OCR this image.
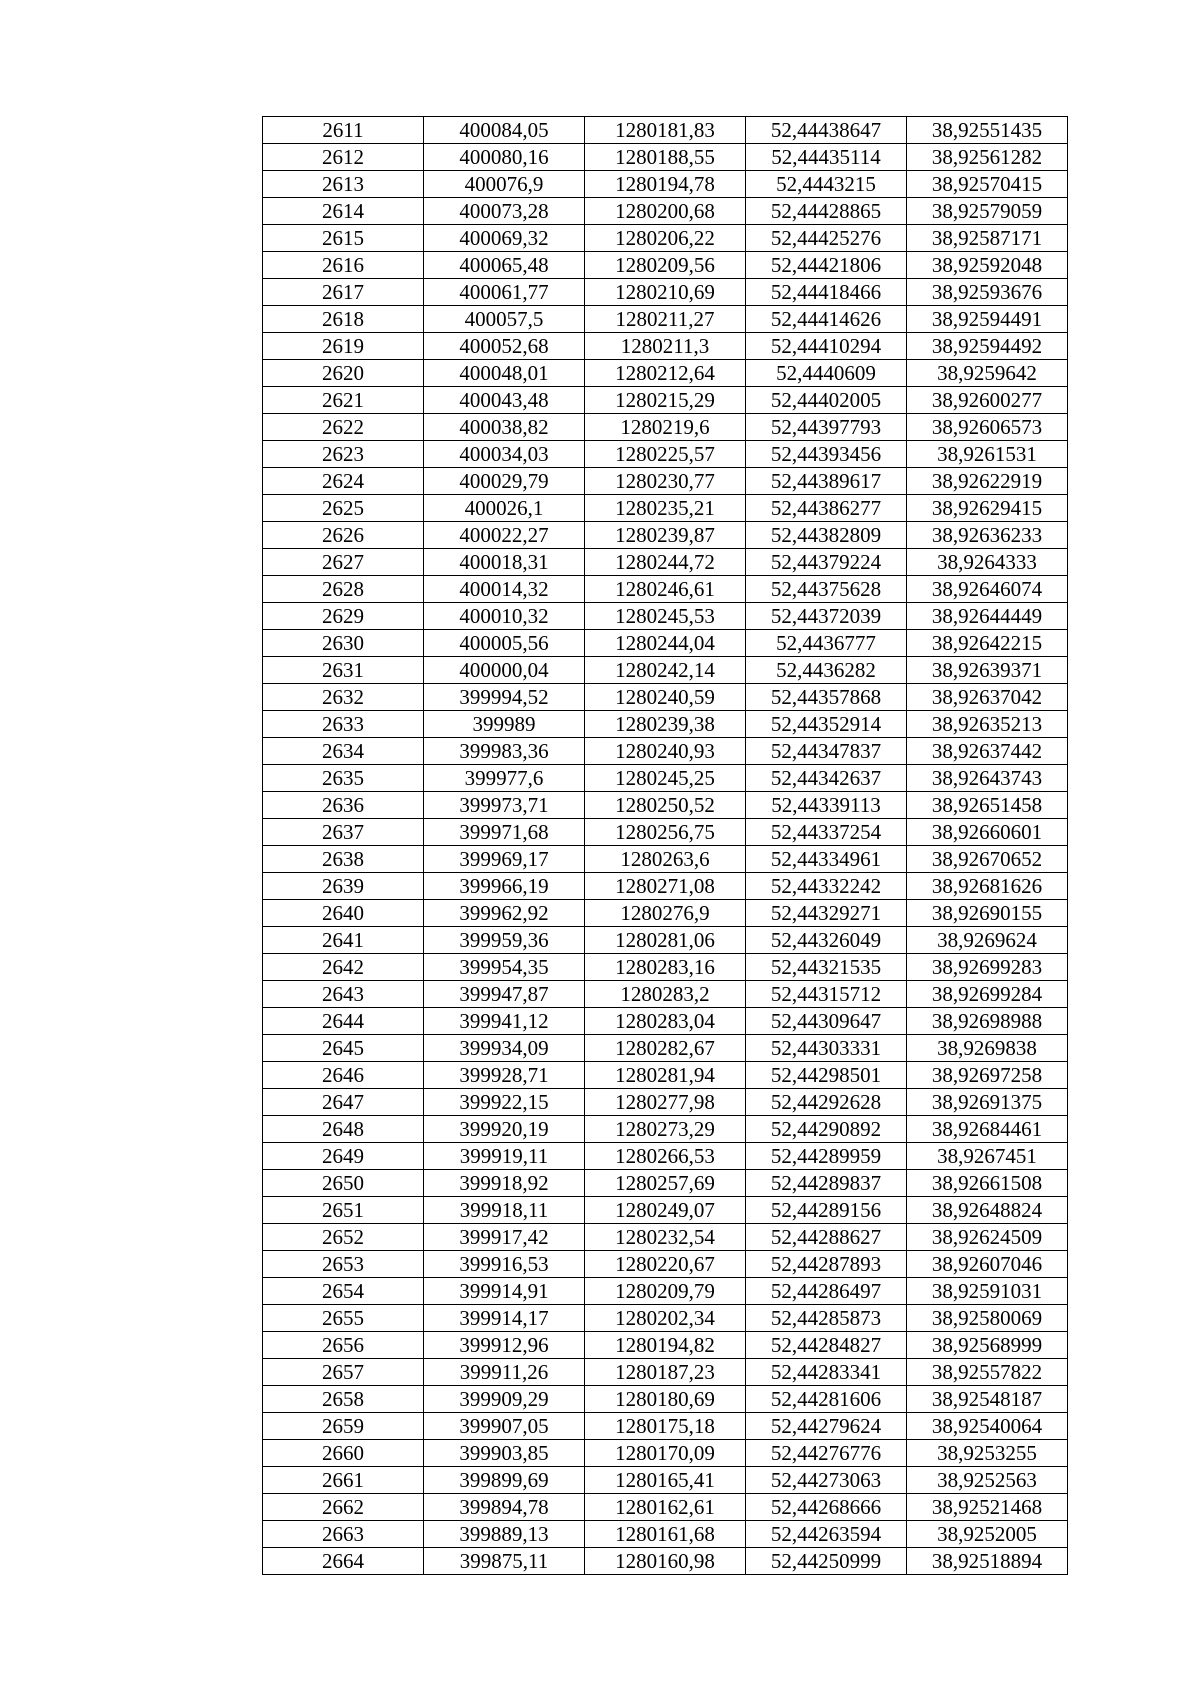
2611	400084,05	1280181,83	52,44438647	38,92551435
2612	400080,16	1280188,55	52,44435114	38,92561282
2613	400076,9	1280194,78	52,4443215	38,92570415
2614	400073,28	1280200,68	52,44428865	38,92579059
2615	400069,32	1280206,22	52,44425276	38,92587171
2616	400065,48	1280209,56	52,44421806	38,92592048
2617	400061,77	1280210,69	52,44418466	38,92593676
2618	400057,5	1280211,27	52,44414626	38,92594491
2619	400052,68	1280211,3	52,44410294	38,92594492
2620	400048,01	1280212,64	52,4440609	38,9259642
2621	400043,48	1280215,29	52,44402005	38,92600277
2622	400038,82	1280219,6	52,44397793	38,92606573
2623	400034,03	1280225,57	52,44393456	38,9261531
2624	400029,79	1280230,77	52,44389617	38,92622919
2625	400026,1	1280235,21	52,44386277	38,92629415
2626	400022,27	1280239,87	52,44382809	38,92636233
2627	400018,31	1280244,72	52,44379224	38,9264333
2628	400014,32	1280246,61	52,44375628	38,92646074
2629	400010,32	1280245,53	52,44372039	38,92644449
2630	400005,56	1280244,04	52,4436777	38,92642215
2631	400000,04	1280242,14	52,4436282	38,92639371
2632	399994,52	1280240,59	52,44357868	38,92637042
2633	399989	1280239,38	52,44352914	38,92635213
2634	399983,36	1280240,93	52,44347837	38,92637442
2635	399977,6	1280245,25	52,44342637	38,92643743
2636	399973,71	1280250,52	52,44339113	38,92651458
2637	399971,68	1280256,75	52,44337254	38,92660601
2638	399969,17	1280263,6	52,44334961	38,92670652
2639	399966,19	1280271,08	52,44332242	38,92681626
2640	399962,92	1280276,9	52,44329271	38,92690155
2641	399959,36	1280281,06	52,44326049	38,9269624
2642	399954,35	1280283,16	52,44321535	38,92699283
2643	399947,87	1280283,2	52,44315712	38,92699284
2644	399941,12	1280283,04	52,44309647	38,92698988
2645	399934,09	1280282,67	52,44303331	38,9269838
2646	399928,71	1280281,94	52,44298501	38,92697258
2647	399922,15	1280277,98	52,44292628	38,92691375
2648	399920,19	1280273,29	52,44290892	38,92684461
2649	399919,11	1280266,53	52,44289959	38,9267451
2650	399918,92	1280257,69	52,44289837	38,92661508
2651	399918,11	1280249,07	52,44289156	38,92648824
2652	399917,42	1280232,54	52,44288627	38,92624509
2653	399916,53	1280220,67	52,44287893	38,92607046
2654	399914,91	1280209,79	52,44286497	38,92591031
2655	399914,17	1280202,34	52,44285873	38,92580069
2656	399912,96	1280194,82	52,44284827	38,92568999
2657	399911,26	1280187,23	52,44283341	38,92557822
2658	399909,29	1280180,69	52,44281606	38,92548187
2659	399907,05	1280175,18	52,44279624	38,92540064
2660	399903,85	1280170,09	52,44276776	38,9253255
2661	399899,69	1280165,41	52,44273063	38,9252563
2662	399894,78	1280162,61	52,44268666	38,92521468
2663	399889,13	1280161,68	52,44263594	38,9252005
2664	399875,11	1280160,98	52,44250999	38,92518894
